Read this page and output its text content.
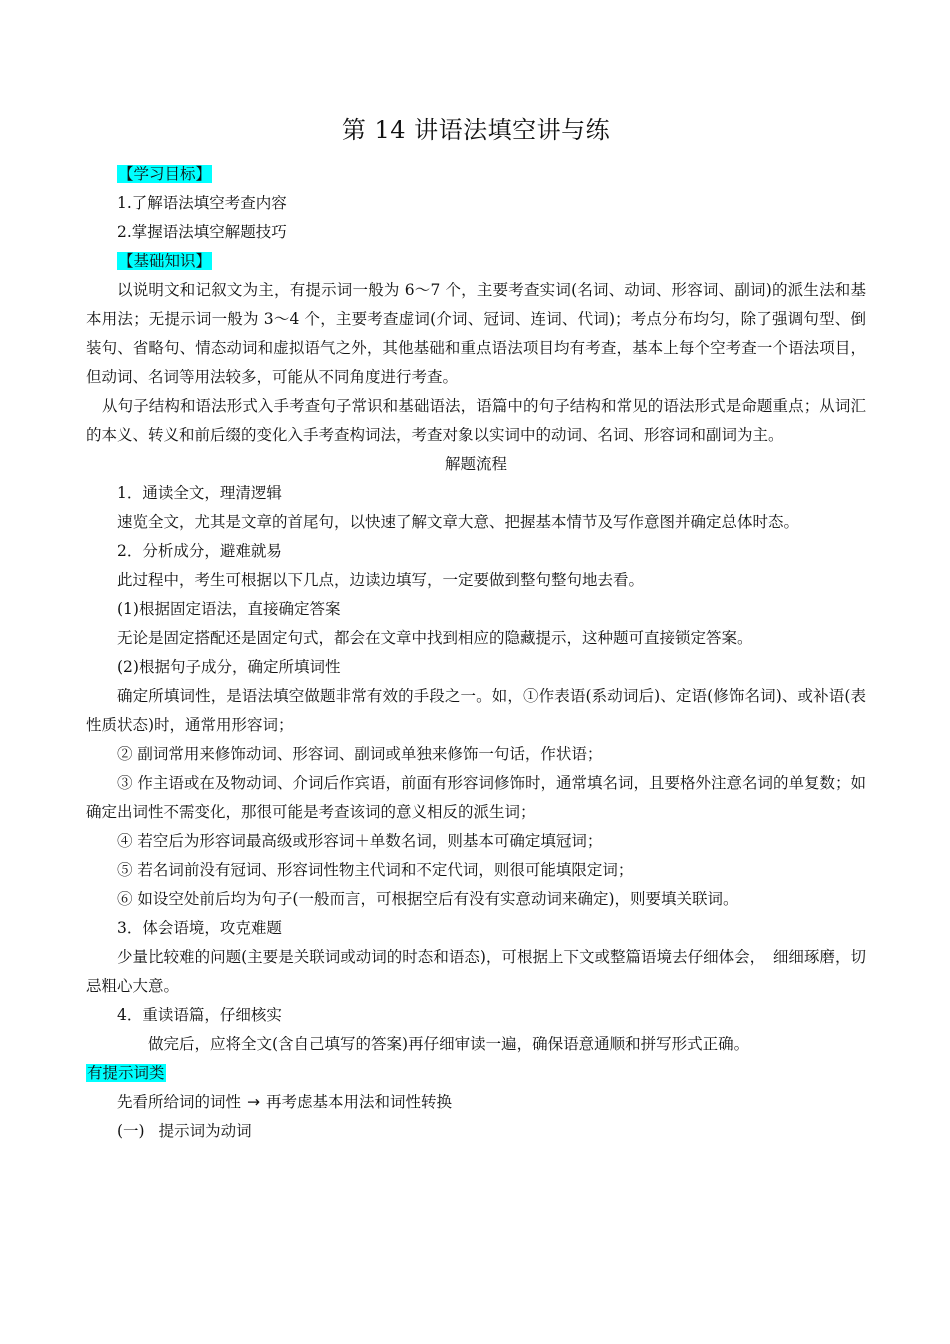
第 14 讲语法填空讲与练
【学习目标】
1.了解语法填空考查内容
2.掌握语法填空解题技巧
【基础知识】
以说明文和记叙文为主，有提示词一般为 6～7 个，主要考查实词(名词、动词、形容词、副词)的派生法和基本用法；无提示词一般为 3～4 个，主要考查虚词(介词、冠词、连词、代词)；考点分布均匀，除了强调句型、倒装句、省略句、情态动词和虚拟语气之外，其他基础和重点语法项目均有考查，基本上每个空考查一个语法项目，但动词、名词等用法较多，可能从不同角度进行考查。
从句子结构和语法形式入手考查句子常识和基础语法，语篇中的句子结构和常见的语法形式是命题重点；从词汇的本义、转义和前后缀的变化入手考查构词法，考查对象以实词中的动词、名词、形容词和副词为主。
解题流程
1．通读全文，理清逻辑
速览全文，尤其是文章的首尾句，以快速了解文章大意、把握基本情节及写作意图并确定总体时态。
2．分析成分，避难就易
此过程中，考生可根据以下几点，边读边填写，一定要做到整句整句地去看。
(1)根据固定语法，直接确定答案
无论是固定搭配还是固定句式，都会在文章中找到相应的隐藏提示，这种题可直接锁定答案。
(2)根据句子成分，确定所填词性
确定所填词性，是语法填空做题非常有效的手段之一。如，①作表语(系动词后)、定语(修饰名词)、或补语(表性质状态)时，通常用形容词；
② 副词常用来修饰动词、形容词、副词或单独来修饰一句话，作状语；
③ 作主语或在及物动词、介词后作宾语，前面有形容词修饰时，通常填名词，且要格外注意名词的单复数；如确定出词性不需变化，那很可能是考查该词的意义相反的派生词；
④ 若空后为形容词最高级或形容词＋单数名词，则基本可确定填冠词；
⑤ 若名词前没有冠词、形容词性物主代词和不定代词，则很可能填限定词；
⑥ 如设空处前后均为句子(一般而言，可根据空后有没有实意动词来确定)，则要填关联词。
3．体会语境，攻克难题
少量比较难的问题(主要是关联词或动词的时态和语态)，可根据上下文或整篇语境去仔细体会，　细细琢磨，切忌粗心大意。
4．重读语篇，仔细核实
做完后，应将全文(含自己填写的答案)再仔细审读一遍，确保语意通顺和拼写形式正确。
有提示词类
先看所给词的词性 → 再考虑基本用法和词性转换
(一) 提示词为动词
